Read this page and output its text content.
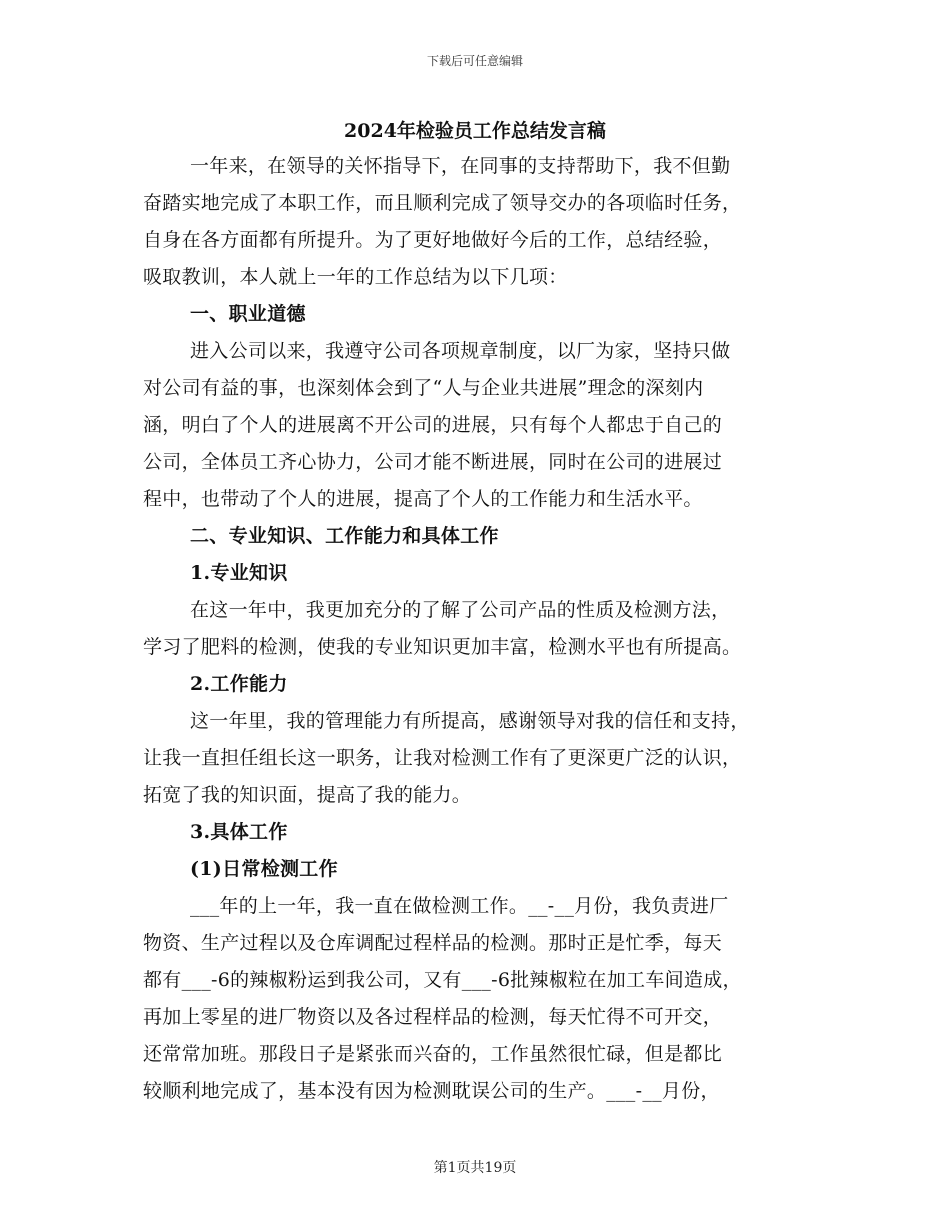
下载后可任意编辑
2024年检验员工作总结发言稿
一年来，在领导的关怀指导下，在同事的支持帮助下，我不但勤
奋踏实地完成了本职工作，而且顺利完成了领导交办的各项临时任务，
自身在各方面都有所提升。为了更好地做好今后的工作，总结经验，
吸取教训，本人就上一年的工作总结为以下几项：
一、职业道德
进入公司以来，我遵守公司各项规章制度，以厂为家，坚持只做
对公司有益的事，也深刻体会到了“人与企业共进展”理念的深刻内
涵，明白了个人的进展离不开公司的进展，只有每个人都忠于自己的
公司，全体员工齐心协力，公司才能不断进展，同时在公司的进展过
程中，也带动了个人的进展，提高了个人的工作能力和生活水平。
二、专业知识、工作能力和具体工作
1.专业知识
在这一年中，我更加充分的了解了公司产品的性质及检测方法，
学习了肥料的检测，使我的专业知识更加丰富，检测水平也有所提高。
2.工作能力
这一年里，我的管理能力有所提高，感谢领导对我的信任和支持，
让我一直担任组长这一职务，让我对检测工作有了更深更广泛的认识，
拓宽了我的知识面，提高了我的能力。
3.具体工作
(1)日常检测工作
___年的上一年，我一直在做检测工作。__-__月份，我负责进厂
物资、生产过程以及仓库调配过程样品的检测。那时正是忙季，每天
都有___-6的辣椒粉运到我公司，又有___-6批辣椒粒在加工车间造成，
再加上零星的进厂物资以及各过程样品的检测，每天忙得不可开交，
还常常加班。那段日子是紧张而兴奋的，工作虽然很忙碌，但是都比
较顺利地完成了，基本没有因为检测耽误公司的生产。___-__月份，
第1页共19页
